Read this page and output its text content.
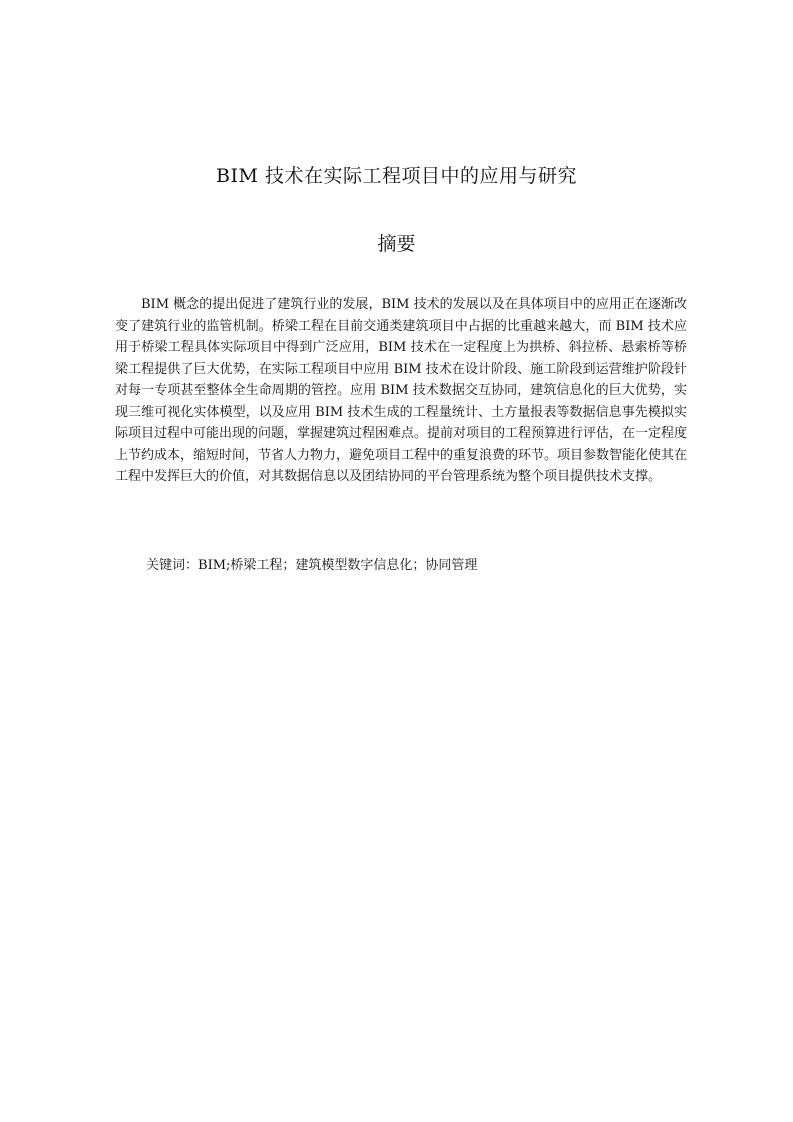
BIM 技术在实际工程项目中的应用与研究
摘要

BIM 概念的提出促进了建筑行业的发展，BIM 技术的发展以及在具体项目中的应用正在逐渐改变了建筑行业的监管机制。桥梁工程在目前交通类建筑项目中占据的比重越来越大，而 BIM 技术应用于桥梁工程具体实际项目中得到广泛应用，BIM 技术在一定程度上为拱桥、斜拉桥、悬索桥等桥梁工程提供了巨大优势，在实际工程项目中应用 BIM 技术在设计阶段、施工阶段到运营维护阶段针对每一专项甚至整体全生命周期的管控。应用 BIM 技术数据交互协同，建筑信息化的巨大优势，实现三维可视化实体模型，以及应用 BIM 技术生成的工程量统计、土方量报表等数据信息事先模拟实际项目过程中可能出现的问题，掌握建筑过程困难点。提前对项目的工程预算进行评估，在一定程度上节约成本，缩短时间，节省人力物力，避免项目工程中的重复浪费的环节。项目参数智能化使其在工程中发挥巨大的价值，对其数据信息以及团结协同的平台管理系统为整个项目提供技术支撑。

关键词：BIM;桥梁工程；建筑模型数字信息化；协同管理
